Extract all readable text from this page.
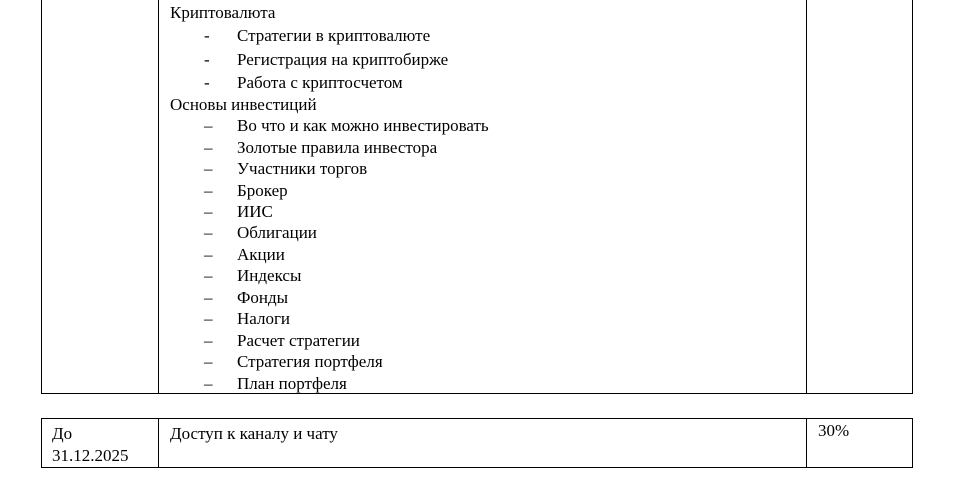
Криптовалюта
- Стратегии в криптовалюте
- Регистрация на криптобирже
- Работа с криптосчетом
Основы инвестиций
– Во что и как можно инвестировать
– Золотые правила инвестора
– Участники торгов
– Брокер
– ИИС
– Облигации
– Акции
– Индексы
– Фонды
– Налоги
– Расчет стратегии
– Стратегия портфеля
– План портфеля
До
31.12.2025
Доступ к каналу и чату	30%
